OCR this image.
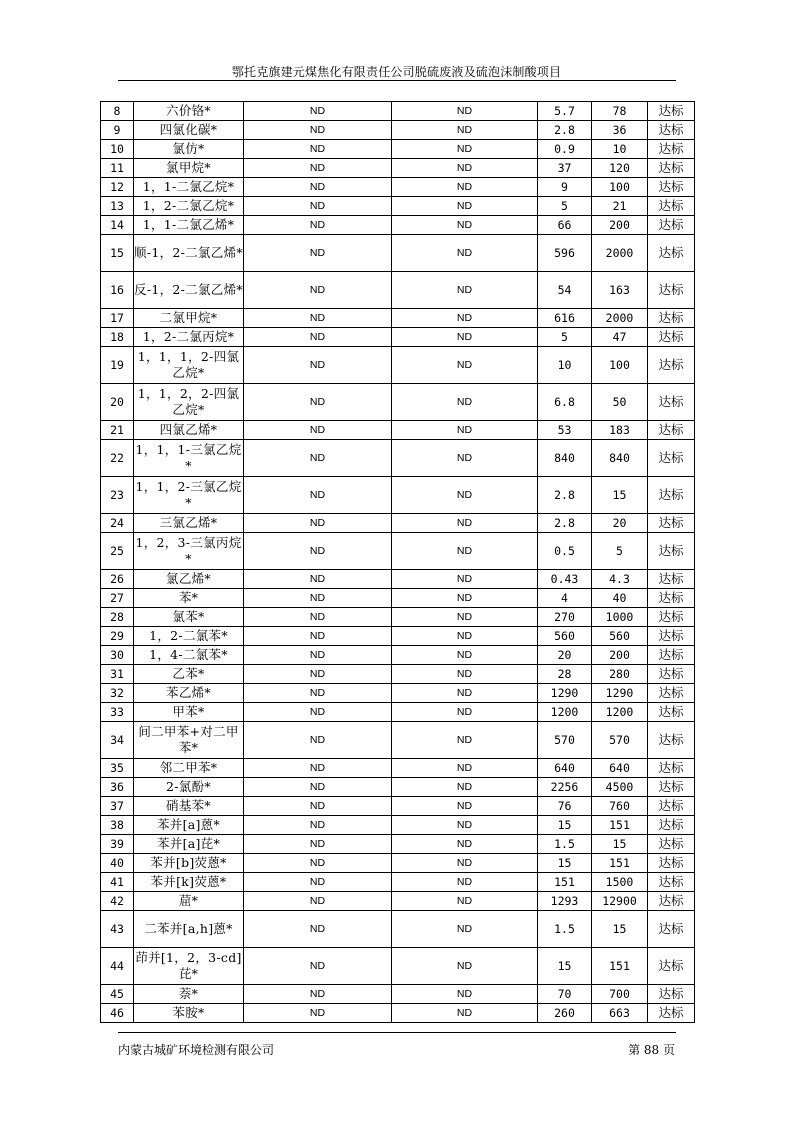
鄂托克旗建元煤焦化有限责任公司脱硫废液及硫泡沫制酸项目
8	六价铬*	ND	ND	5.7	78	达标
9	四氯化碳*	ND	ND	2.8	36	达标
10	氯仿*	ND	ND	0.9	10	达标
11	氯甲烷*	ND	ND	37	120	达标
12	1，1-二氯乙烷*	ND	ND	9	100	达标
13	1，2-二氯乙烷*	ND	ND	5	21	达标
14	1，1-二氯乙烯*	ND	ND	66	200	达标
15	顺-1，2-二氯乙烯*	ND	ND	596	2000	达标
16	反-1，2-二氯乙烯*	ND	ND	54	163	达标
17	二氯甲烷*	ND	ND	616	2000	达标
18	1，2-二氯丙烷*	ND	ND	5	47	达标
19	1，1，1，2-四氯乙烷*	ND	ND	10	100	达标
20	1，1，2，2-四氯乙烷*	ND	ND	6.8	50	达标
21	四氯乙烯*	ND	ND	53	183	达标
22	1，1，1-三氯乙烷*	ND	ND	840	840	达标
23	1，1，2-三氯乙烷*	ND	ND	2.8	15	达标
24	三氯乙烯*	ND	ND	2.8	20	达标
25	1，2，3-三氯丙烷*	ND	ND	0.5	5	达标
26	氯乙烯*	ND	ND	0.43	4.3	达标
27	苯*	ND	ND	4	40	达标
28	氯苯*	ND	ND	270	1000	达标
29	1，2-二氯苯*	ND	ND	560	560	达标
30	1，4-二氯苯*	ND	ND	20	200	达标
31	乙苯*	ND	ND	28	280	达标
32	苯乙烯*	ND	ND	1290	1290	达标
33	甲苯*	ND	ND	1200	1200	达标
34	间二甲苯+对二甲苯*	ND	ND	570	570	达标
35	邻二甲苯*	ND	ND	640	640	达标
36	2-氯酚*	ND	ND	2256	4500	达标
37	硝基苯*	ND	ND	76	760	达标
38	苯并[a]蒽*	ND	ND	15	151	达标
39	苯并[a]芘*	ND	ND	1.5	15	达标
40	苯并[b]荧蒽*	ND	ND	15	151	达标
41	苯并[k]荧蒽*	ND	ND	151	1500	达标
42	䓛*	ND	ND	1293	12900	达标
43	二苯并[a,h]蒽*	ND	ND	1.5	15	达标
44	茚并[1，2，3-cd]芘*	ND	ND	15	151	达标
45	萘*	ND	ND	70	700	达标
46	苯胺*	ND	ND	260	663	达标
内蒙古城矿环境检测有限公司	第 88 页
